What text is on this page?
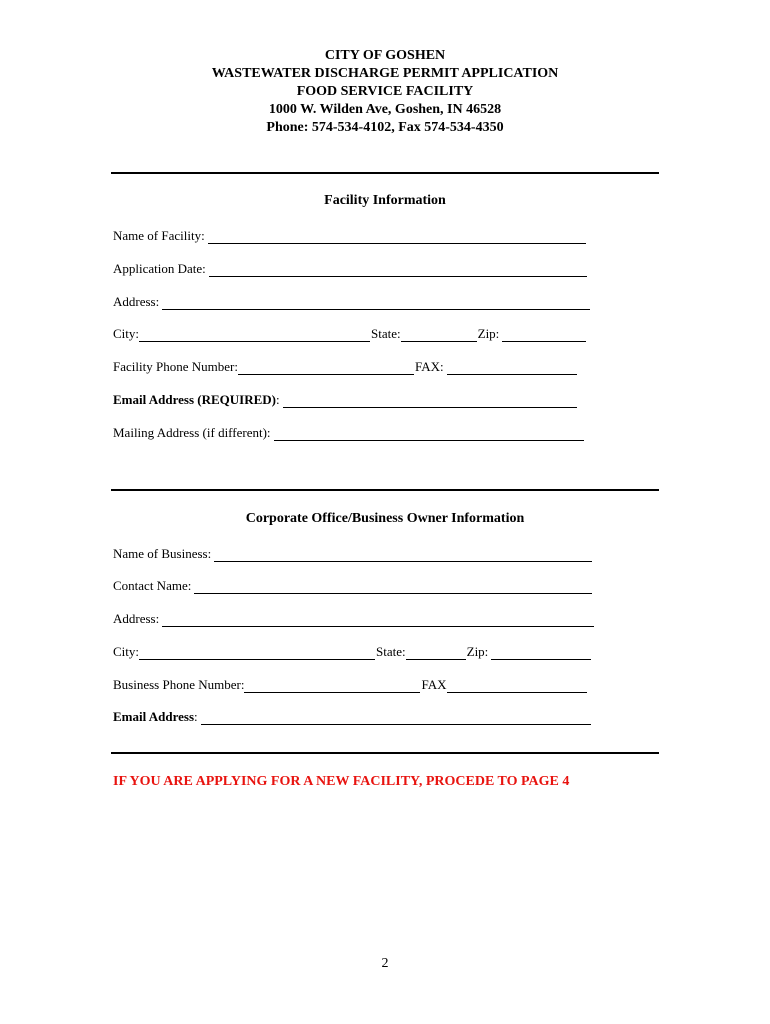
CITY OF GOSHEN
WASTEWATER DISCHARGE PERMIT APPLICATION
FOOD SERVICE FACILITY
1000 W. Wilden Ave, Goshen, IN 46528
Phone: 574-534-4102, Fax 574-534-4350
Facility Information
Name of Facility:
Application Date:
Address:
City:	State:	Zip:
Facility Phone Number:	FAX:
Email Address (REQUIRED) :
Mailing Address (if different):
Corporate Office/Business Owner Information
Name of Business:
Contact Name:
Address:
City:	State:	Zip:
Business Phone Number:	FAX
Email Address :
IF YOU ARE APPLYING FOR A NEW FACILITY, PROCEDE TO PAGE 4
2
